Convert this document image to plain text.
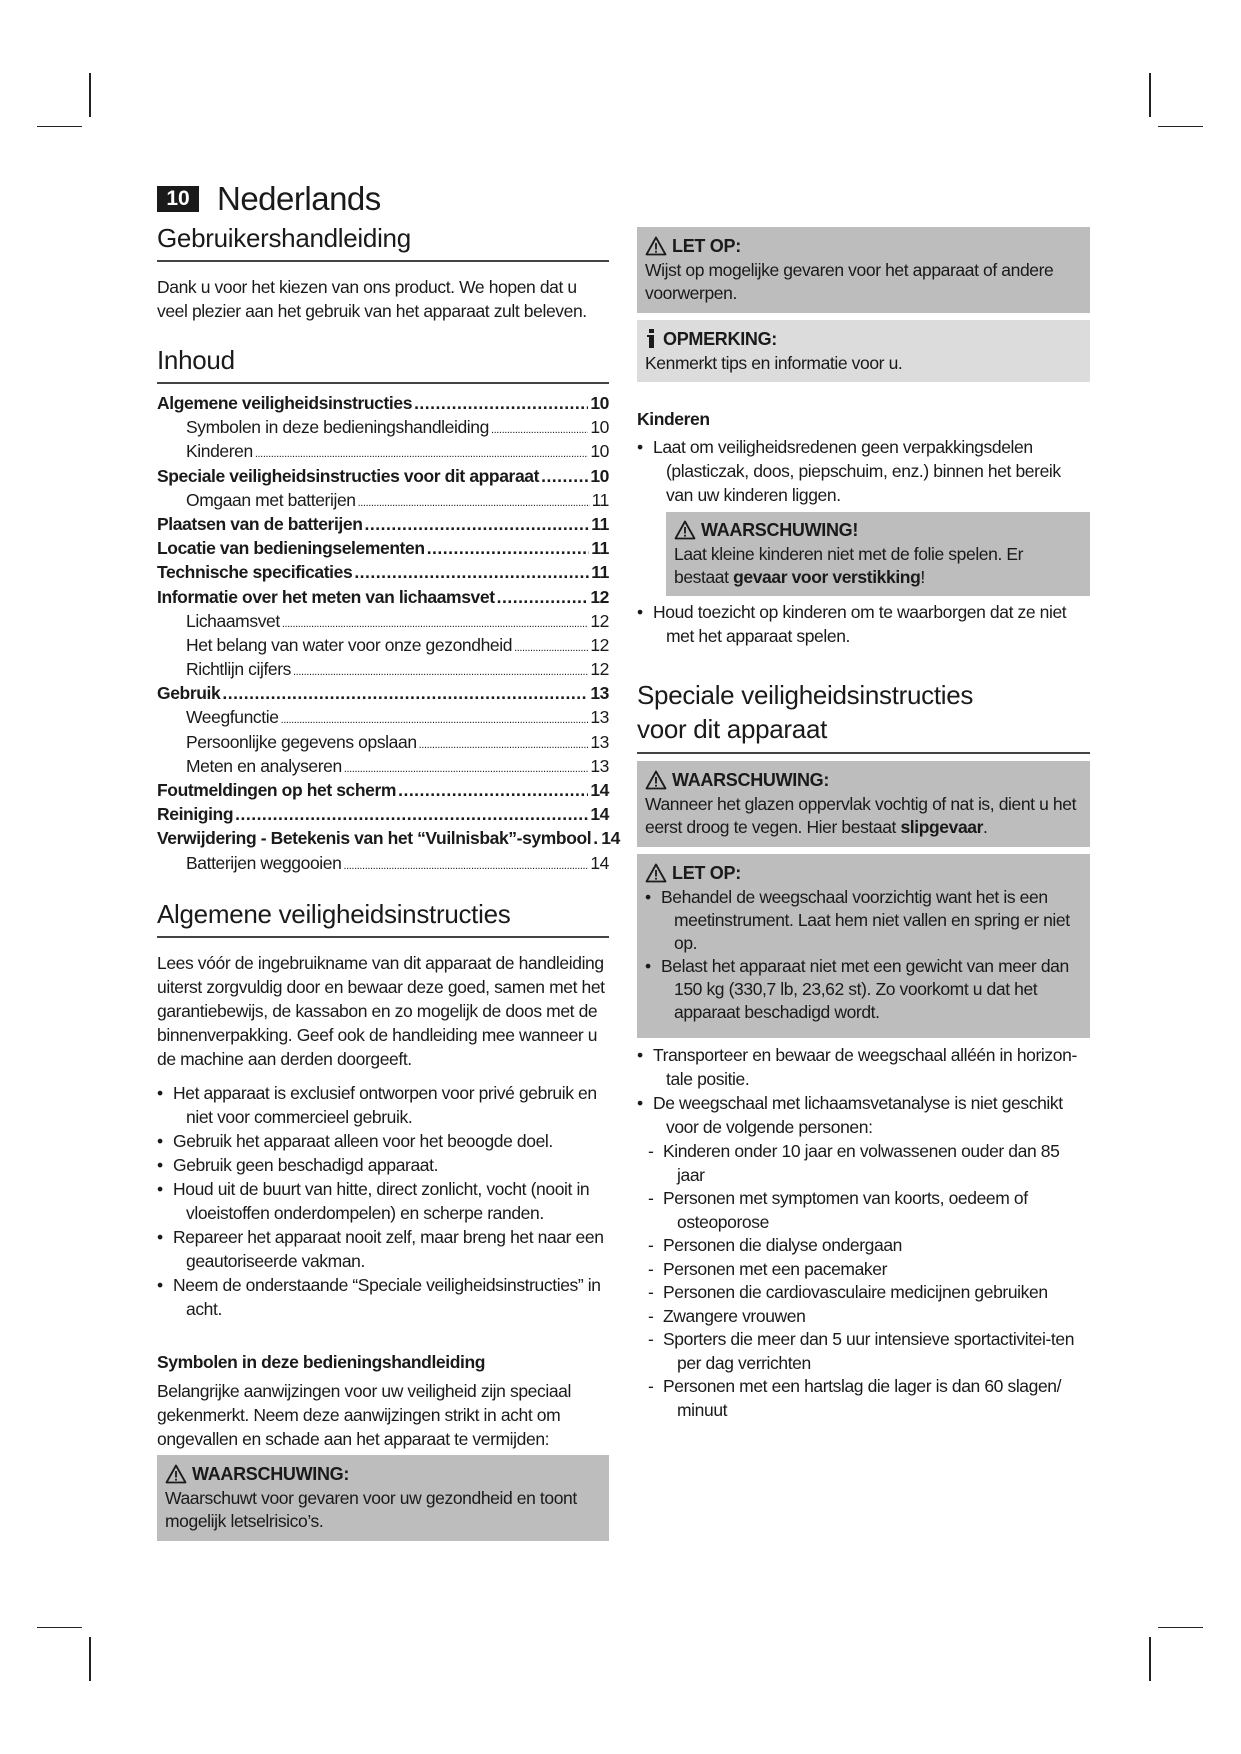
10 Nederlands
Gebruikershandleiding

Dank u voor het kiezen van ons product. We hopen dat u veel plezier aan het gebruik van het apparaat zult beleven.

Inhoud
Algemene veiligheidsinstructies .....	10
Symbolen in deze bedieningshandleiding .....	10
Kinderen .....	10
Speciale veiligheidsinstructies voor dit apparaat .....	10
Omgaan met batterijen .....	11
Plaatsen van de batterijen .....	11
Locatie van bedieningselementen .....	11
Technische specificaties .....	11
Informatie over het meten van lichaamsvet .....	12
Lichaamsvet .....	12
Het belang van water voor onze gezondheid .....	12
Richtlijn cijfers .....	12
Gebruik .....	13
Weegfunctie .....	13
Persoonlijke gegevens opslaan .....	13
Meten en analyseren .....	13
Foutmeldingen op het scherm .....	14
Reiniging .....	14
Verwijdering - Betekenis van het “Vuilnisbak”-symbool ..... 14
Batterijen weggooien .....	14
Algemene veiligheidsinstructies

Lees vóór de ingebruikname van dit apparaat de handleiding uiterst zorgvuldig door en bewaar deze goed, samen met het garantiebewijs, de kassabon en zo mogelijk de doos met de binnenverpakking. Geef ook de handleiding mee wanneer u de machine aan derden doorgeeft.

• Het apparaat is exclusief ontworpen voor privé gebruik en niet voor commercieel gebruik.
• Gebruik het apparaat alleen voor het beoogde doel.
• Gebruik geen beschadigd apparaat.
• Houd uit de buurt van hitte, direct zonlicht, vocht (nooit in vloeistoffen onderdompelen) en scherpe randen.
• Repareer het apparaat nooit zelf, maar breng het naar een geautoriseerde vakman.
• Neem de onderstaande “Speciale veiligheidsinstructies” in acht.
Symbolen in deze bedieningshandleiding

Belangrijke aanwijzingen voor uw veiligheid zijn speciaal gekenmerkt. Neem deze aanwijzingen strikt in acht om ongevallen en schade aan het apparaat te vermijden:

WAARSCHUWING:

Waarschuwt voor gevaren voor uw gezondheid en toont mogelijk letselrisico’s.

LET OP:

Wijst op mogelijke gevaren voor het apparaat of andere voorwerpen.

OPMERKING:

Kenmerkt tips en informatie voor u.

Kinderen
• Laat om veiligheidsredenen geen verpakkingsdelen (plasticzak, doos, piepschuim, enz.) binnen het bereik van uw kinderen liggen.
WAARSCHUWING!

Laat kleine kinderen niet met de folie spelen. Er bestaat gevaar voor verstikking!

• Houd toezicht op kinderen om te waarborgen dat ze niet met het apparaat spelen.
Speciale veiligheidsinstructies
voor dit apparaat
WAARSCHUWING:

Wanneer het glazen oppervlak vochtig of nat is, dient u het eerst droog te vegen. Hier bestaat slipgevaar.

LET OP:
• Behandel de weegschaal voorzichtig want het is een meetinstrument. Laat hem niet vallen en spring er niet op.
• Belast het apparaat niet met een gewicht van meer dan 150 kg (330,7 lb, 23,62 st). Zo voorkomt u dat het apparaat beschadigd wordt.
• Transporteer en bewaar de weegschaal alléén in horizon-tale positie.
• De weegschaal met lichaamsvetanalyse is niet geschikt voor de volgende personen:
- Kinderen onder 10 jaar en volwassenen ouder dan 85 jaar
- Personen met symptomen van koorts, oedeem of osteoporose
- Personen die dialyse ondergaan
- Personen met een pacemaker
- Personen die cardiovasculaire medicijnen gebruiken
- Zwangere vrouwen
- Sporters die meer dan 5 uur intensieve sportactivitei-ten per dag verrichten
- Personen met een hartslag die lager is dan 60 slagen/ minuut
